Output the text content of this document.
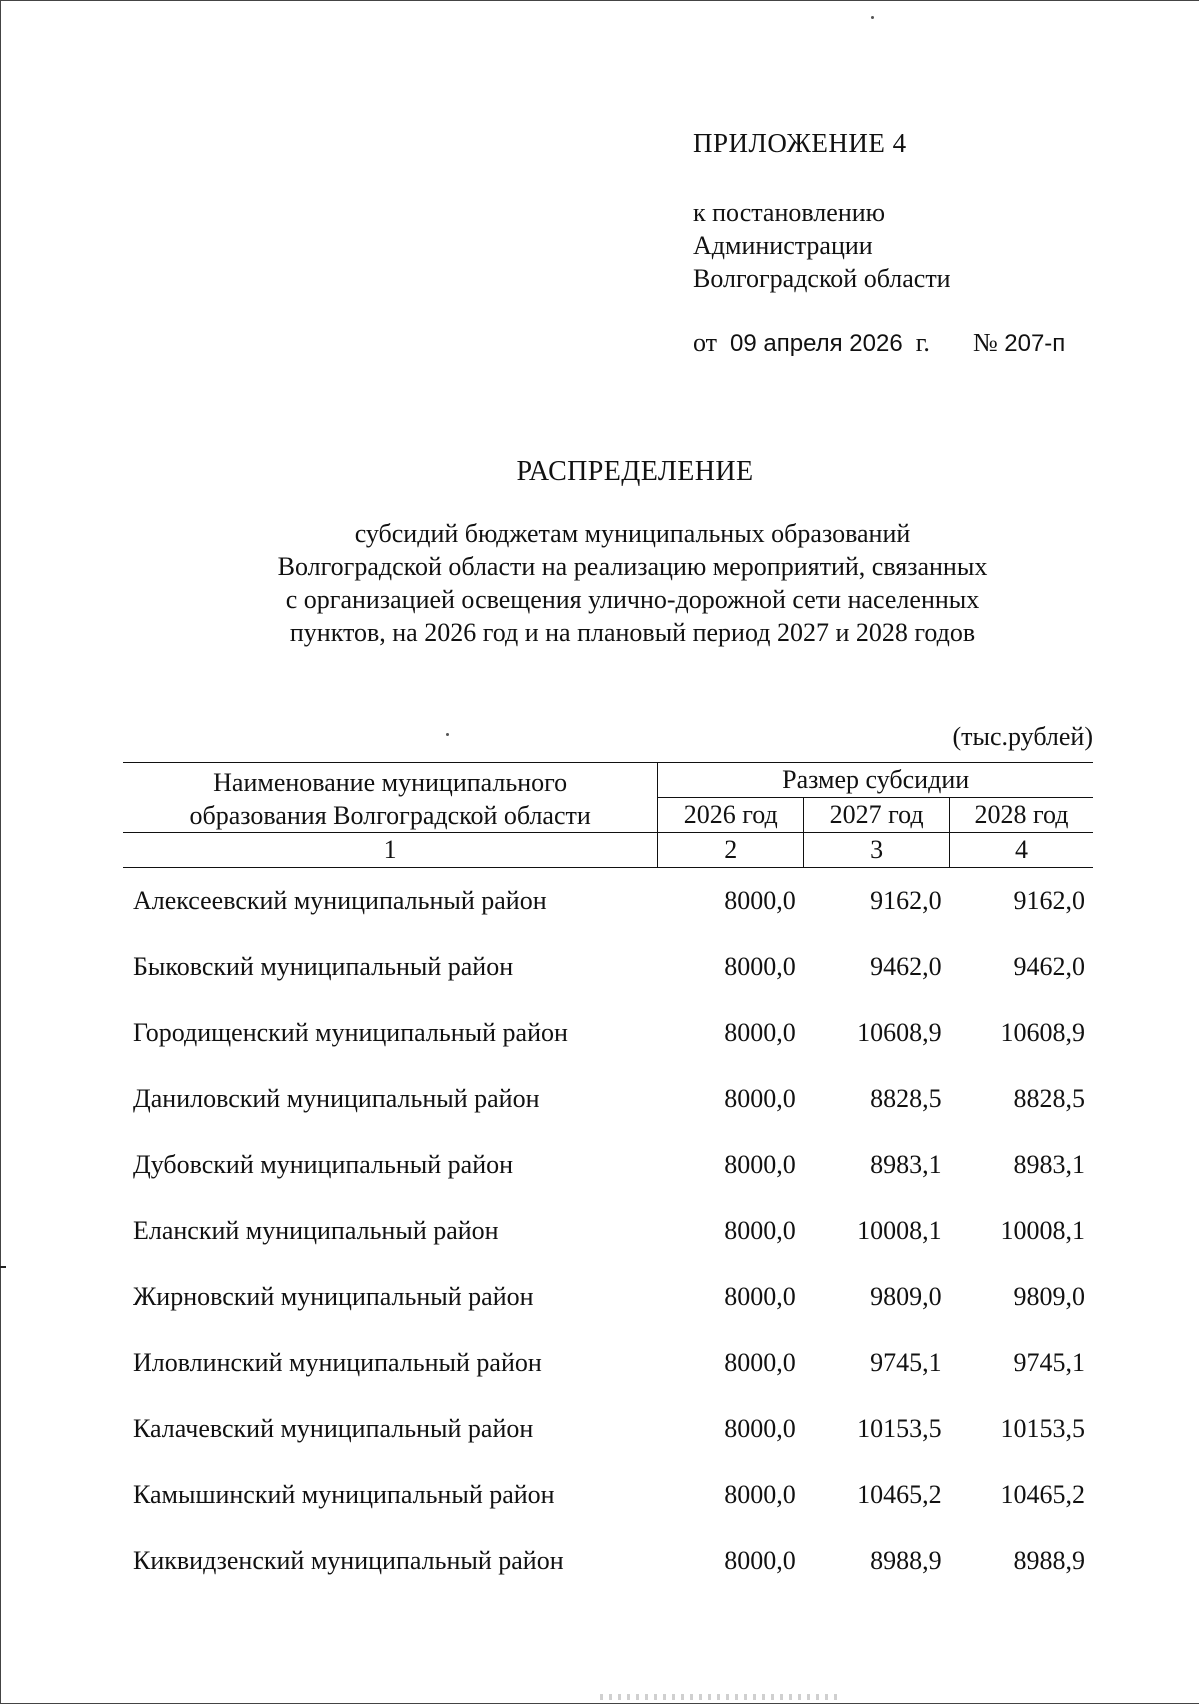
ПРИЛОЖЕНИЕ 4
к постановлению
Администрации
Волгоградской области
от 09 апреля 2026 г. № 207-п
РАСПРЕДЕЛЕНИЕ
субсидий бюджетам муниципальных образований
Волгоградской области на реализацию мероприятий, связанных
с организацией освещения улично-дорожной сети населенных
пунктов, на 2026 год и на плановый период 2027 и 2028 годов
(тыс.рублей)
Наименование муниципального
образования Волгоградской области	Размер субсидии		
	2026 год	2027 год	2028 год
1	2	3	4
Алексеевский муниципальный район	8000,0	9162,0	9162,0
Быковский муниципальный район	8000,0	9462,0	9462,0
Городищенский муниципальный район	8000,0	10608,9	10608,9
Даниловский муниципальный район	8000,0	8828,5	8828,5
Дубовский муниципальный район	8000,0	8983,1	8983,1
Еланский муниципальный район	8000,0	10008,1	10008,1
Жирновский муниципальный район	8000,0	9809,0	9809,0
Иловлинский муниципальный район	8000,0	9745,1	9745,1
Калачевский муниципальный район	8000,0	10153,5	10153,5
Камышинский муниципальный район	8000,0	10465,2	10465,2
Киквидзенский муниципальный район	8000,0	8988,9	8988,9
